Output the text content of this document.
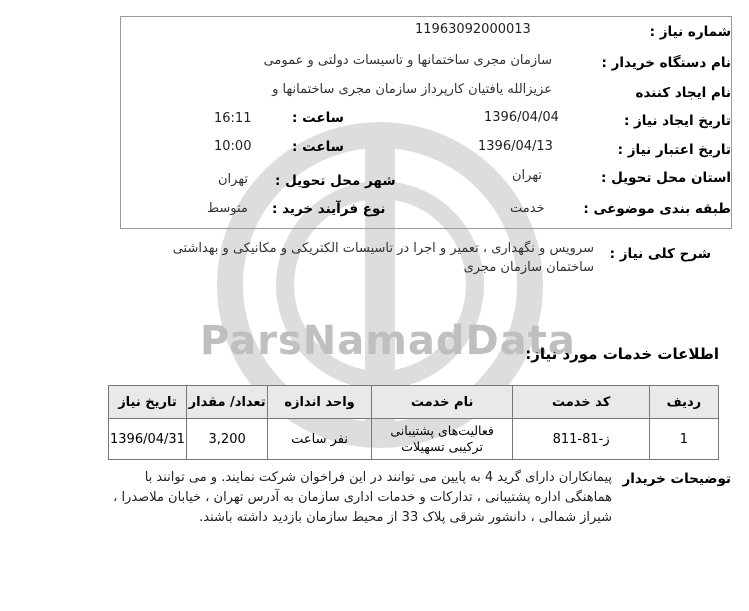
ParsNamadData
شماره نیاز :
11963092000013
نام دستگاه خریدار :
سازمان مجری ساختمانها و تاسیسات دولتی و عمومی
نام ایجاد کننده
عزیزالله یافتیان کارپرداز سازمان مجری ساختمانها و
تاریخ ایجاد نیاز :
1396/04/04
ساعت :
16:11
تاریخ اعتبار نیاز :
1396/04/13
ساعت :
10:00
استان محل تحویل :
تهران
شهر محل تحویل :
تهران
طبقه بندی موضوعی :
خدمت
نوع فرآیند خرید :
متوسط
شرح کلی نیاز :
سرویس و نگهداری ، تعمیر و اجرا در تاسیسات الکتریکی و مکانیکی و بهداشتی ساختمان سازمان مجری
اطلاعات خدمات مورد نیاز:
ردیف	کد خدمت	نام خدمت	واحد اندازه	تعداد/ مقدار	تاریخ نیاز
1	ز-81-811	فعالیت‌های پشتیبانی ترکیبی تسهیلات	نفر ساعت	3,200	1396/04/31
توضیحات خریدار
پیمانکاران دارای گرید 4 به پایین می توانند در این فراخوان شرکت نمایند. و می توانند با هماهنگی اداره پشتیبانی ، تدارکات و خدمات اداری سازمان به آدرس تهران ، خیابان ملاصدرا ، شیراز شمالی ، دانشور شرقی پلاک 33 از محیط سازمان بازدید داشته باشند.
